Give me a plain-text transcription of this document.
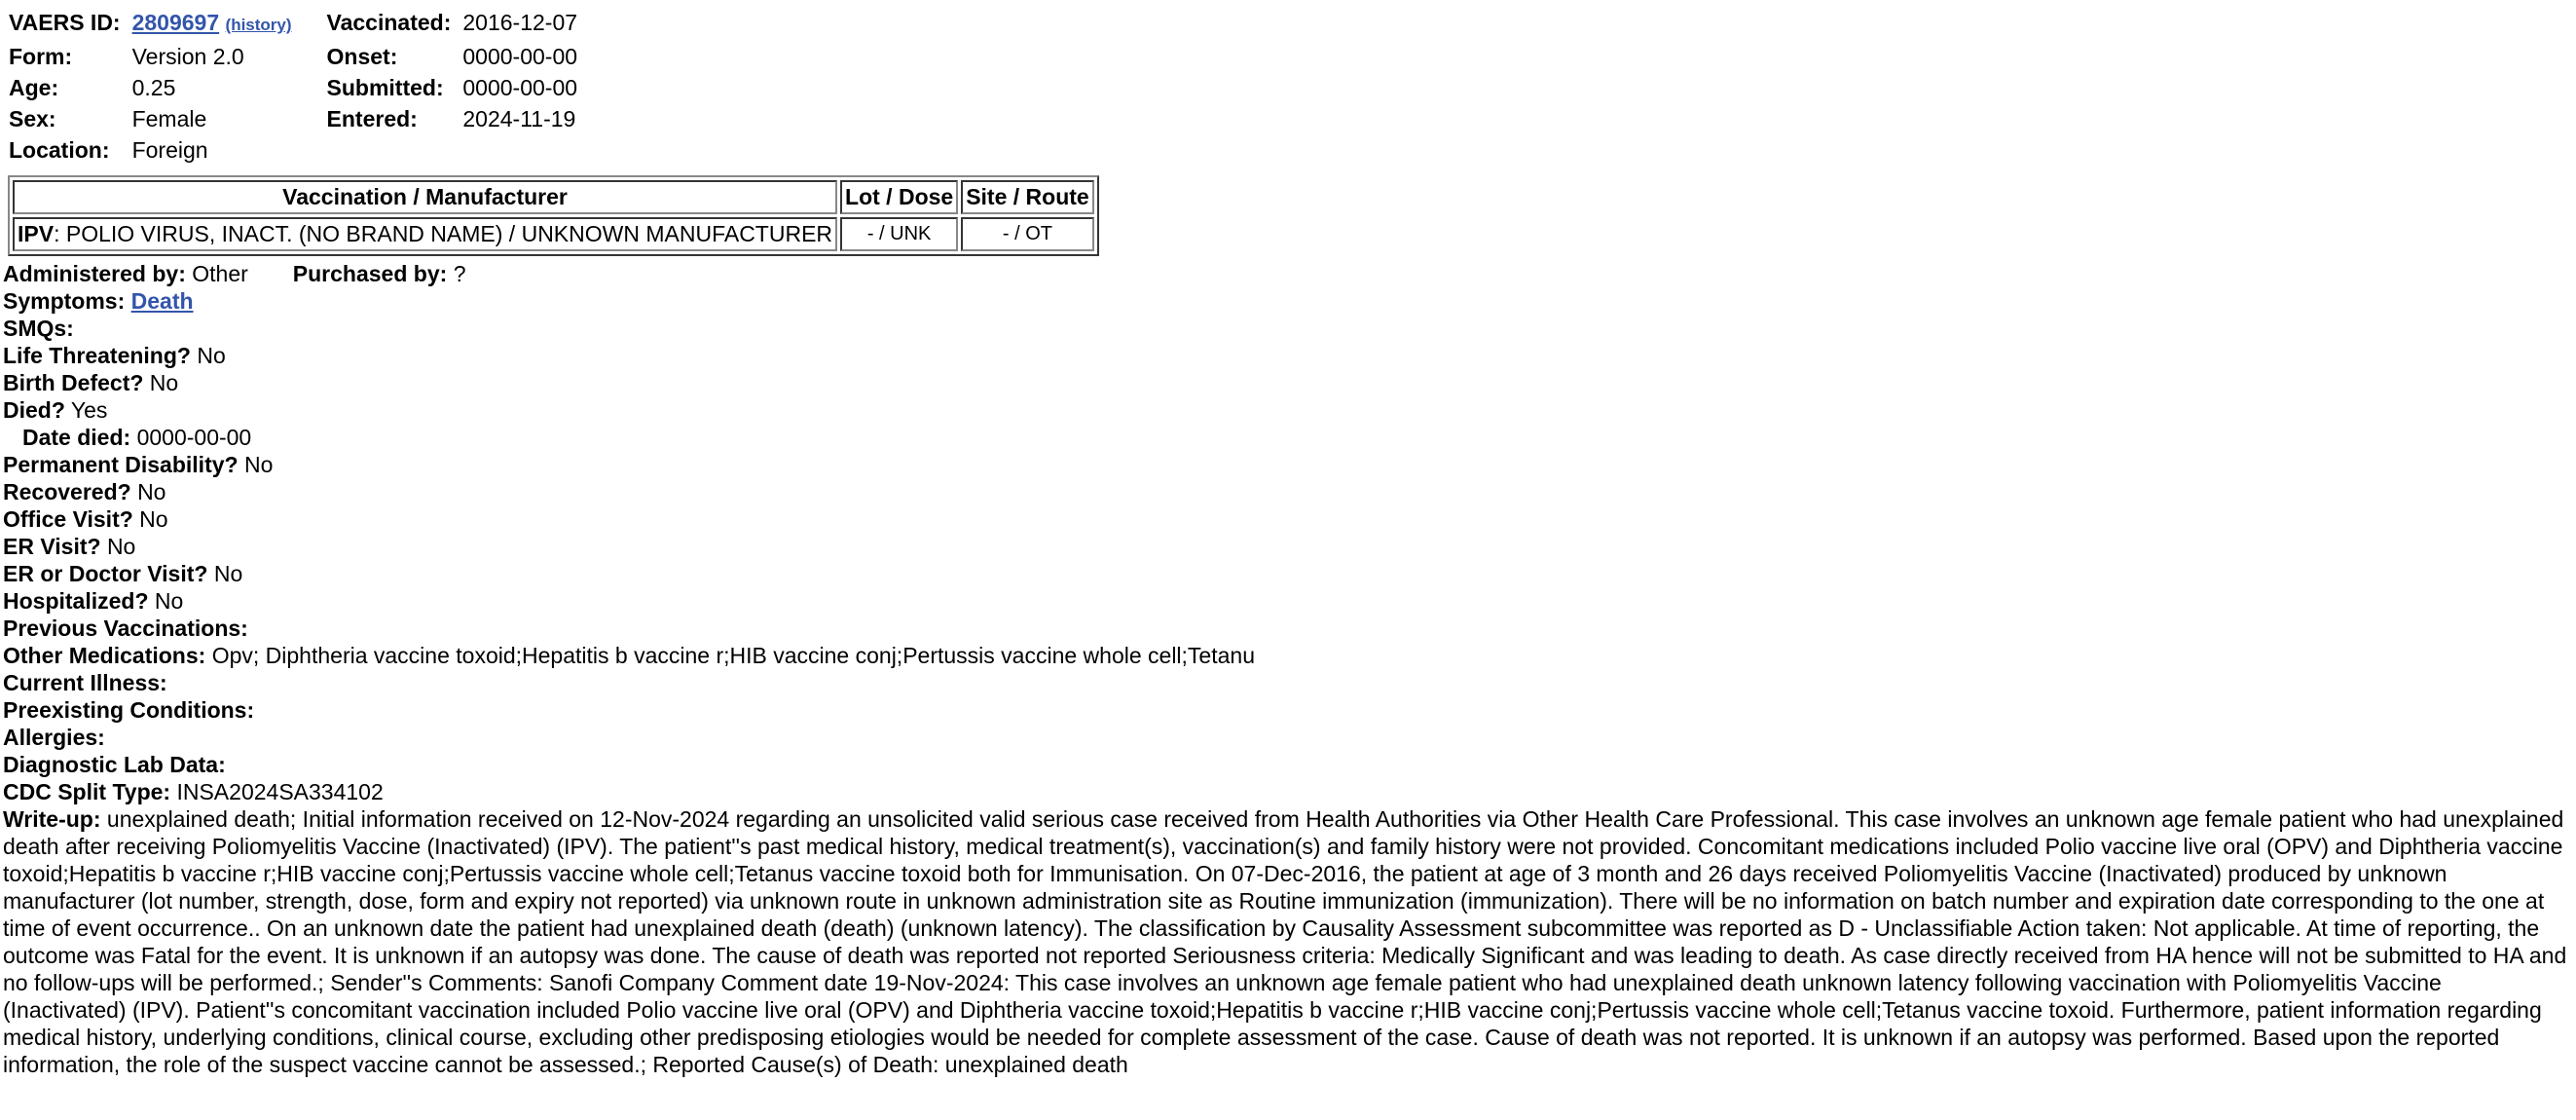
VAERS ID:	2809697 (history)	Vaccinated:	2016-12-07
Form:	Version 2.0	Onset:	0000-00-00
Age:	0.25	Submitted:	0000-00-00
Sex:	Female	Entered:	2024-11-19
Location:	Foreign		
Vaccination / Manufacturer	Lot / Dose	Site / Route
IPV: POLIO VIRUS, INACT. (NO BRAND NAME) / UNKNOWN MANUFACTURER	- / UNK	- / OT
Administered by: Other Purchased by: ?
Symptoms: Death
SMQs:
Life Threatening? No
Birth Defect? No
Died? Yes
Date died: 0000-00-00
Permanent Disability? No
Recovered? No
Office Visit? No
ER Visit? No
ER or Doctor Visit? No
Hospitalized? No
Previous Vaccinations:
Other Medications: Opv; Diphtheria vaccine toxoid;Hepatitis b vaccine r;HIB vaccine conj;Pertussis vaccine whole cell;Tetanu
Current Illness:
Preexisting Conditions:
Allergies:
Diagnostic Lab Data:
CDC Split Type: INSA2024SA334102
Write-up: unexplained death; Initial information received on 12-Nov-2024 regarding an unsolicited valid serious case received from Health Authorities via Other Health Care Professional. This case involves an unknown age female patient who had unexplained death after receiving Poliomyelitis Vaccine (Inactivated) (IPV). The patient''s past medical history, medical treatment(s), vaccination(s) and family history were not provided. Concomitant medications included Polio vaccine live oral (OPV) and Diphtheria vaccine toxoid;Hepatitis b vaccine r;HIB vaccine conj;Pertussis vaccine whole cell;Tetanus vaccine toxoid both for Immunisation. On 07-Dec-2016, the patient at age of 3 month and 26 days received Poliomyelitis Vaccine (Inactivated) produced by unknown manufacturer (lot number, strength, dose, form and expiry not reported) via unknown route in unknown administration site as Routine immunization (immunization). There will be no information on batch number and expiration date corresponding to the one at time of event occurrence.. On an unknown date the patient had unexplained death (death) (unknown latency). The classification by Causality Assessment subcommittee was reported as D - Unclassifiable Action taken: Not applicable. At time of reporting, the outcome was Fatal for the event. It is unknown if an autopsy was done. The cause of death was reported not reported Seriousness criteria: Medically Significant and was leading to death. As case directly received from HA hence will not be submitted to HA and no follow-ups will be performed.; Sender''s Comments: Sanofi Company Comment date 19-Nov-2024: This case involves an unknown age female patient who had unexplained death unknown latency following vaccination with Poliomyelitis Vaccine (Inactivated) (IPV). Patient''s concomitant vaccination included Polio vaccine live oral (OPV) and Diphtheria vaccine toxoid;Hepatitis b vaccine r;HIB vaccine conj;Pertussis vaccine whole cell;Tetanus vaccine toxoid. Furthermore, patient information regarding medical history, underlying conditions, clinical course, excluding other predisposing etiologies would be needed for complete assessment of the case. Cause of death was not reported. It is unknown if an autopsy was performed. Based upon the reported information, the role of the suspect vaccine cannot be assessed.; Reported Cause(s) of Death: unexplained death
